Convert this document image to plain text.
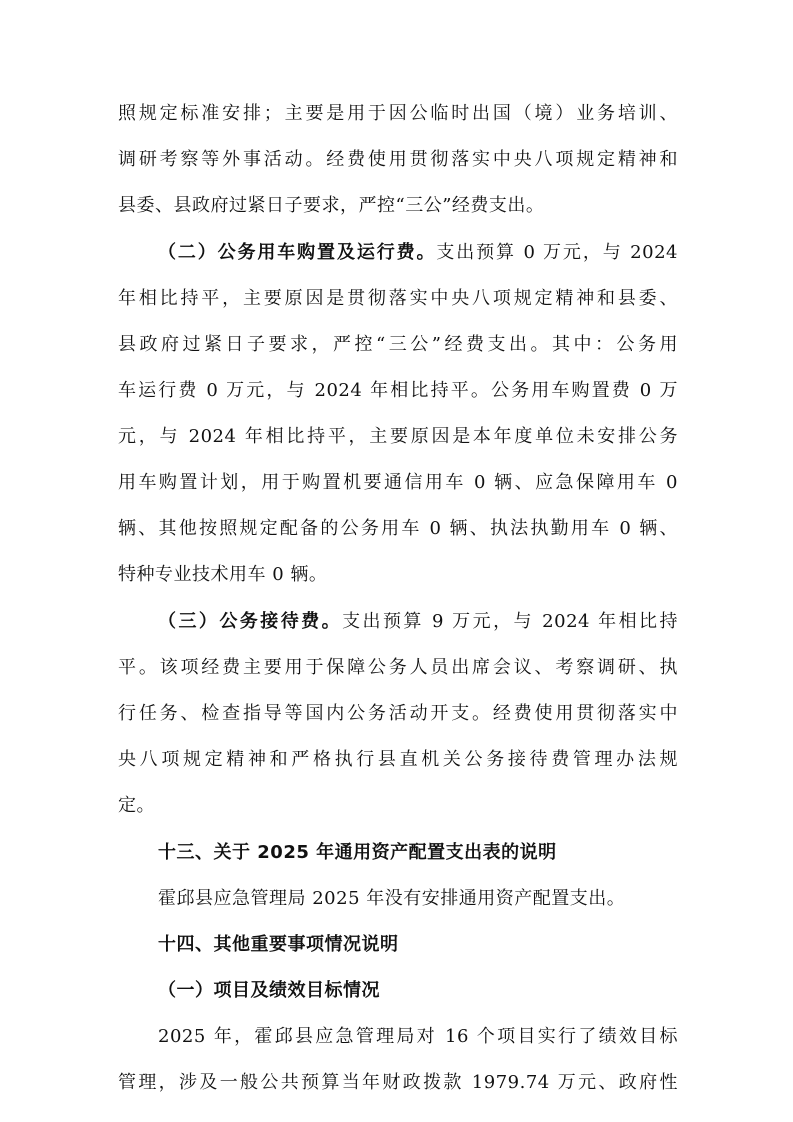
照规定标准安排；主要是用于因公临时出国（境）业务培训、
调研考察等外事活动。经费使用贯彻落实中央八项规定精神和
县委、县政府过紧日子要求，严控“三公”经费支出。
（二）公务用车购置及运行费。支出预算 0 万元，与 2024
年相比持平，主要原因是贯彻落实中央八项规定精神和县委、
县政府过紧日子要求，严控“三公”经费支出。其中：公务用
车运行费 0 万元，与 2024 年相比持平。公务用车购置费 0 万
元，与 2024 年相比持平，主要原因是本年度单位未安排公务
用车购置计划，用于购置机要通信用车 0 辆、应急保障用车 0
辆、其他按照规定配备的公务用车 0 辆、执法执勤用车 0 辆、
特种专业技术用车 0 辆。
（三）公务接待费。支出预算 9 万元，与 2024 年相比持
平。该项经费主要用于保障公务人员出席会议、考察调研、执
行任务、检查指导等国内公务活动开支。经费使用贯彻落实中
央八项规定精神和严格执行县直机关公务接待费管理办法规
定。
十三、关于 2025 年通用资产配置支出表的说明
霍邱县应急管理局 2025 年没有安排通用资产配置支出。
十四、其他重要事项情况说明
（一）项目及绩效目标情况
2025 年，霍邱县应急管理局对 16 个项目实行了绩效目标
管理，涉及一般公共预算当年财政拨款 1979.74 万元、政府性
